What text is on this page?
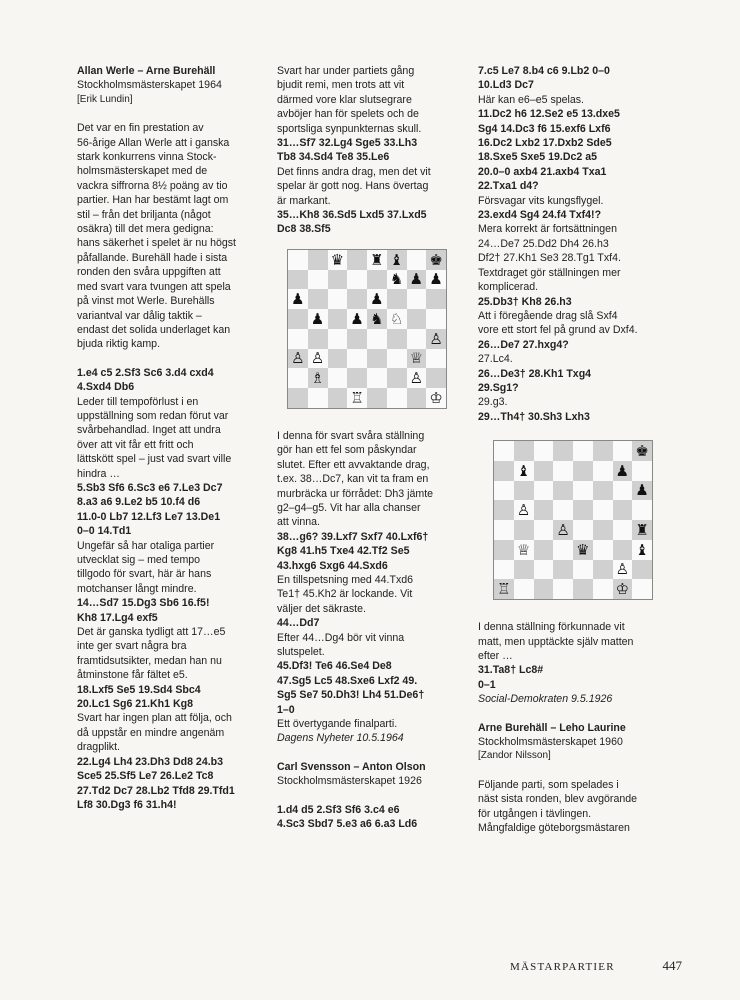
Allan Werle – Arne Burehäll

Stockholmsmästerskapet 1964

[Erik Lundin]

Det var en fin prestation av
56-årige Allan Werle att i ganska
stark konkurrens vinna Stock-
holmsmästerskapet med de
vackra siffrorna 8½ poäng av tio
partier. Han har bestämt lagt om
stil – från det briljanta (något
osäkra) till det mera gedigna:
hans säkerhet i spelet är nu högst
påfallande. Burehäll hade i sista
ronden den svåra uppgiften att
med svart vara tvungen att spela
på vinst mot Werle. Burehälls
variantval var dålig taktik –
endast det solida underlaget kan
bjuda riktig kamp.

1.e4 c5 2.Sf3 Sc6 3.d4 cxd4
4.Sxd4 Db6

Leder till tempoförlust i en
uppställning som redan förut var
svårbehandlad. Inget att undra
över att vit får ett fritt och
lättskött spel – just vad svart ville
hindra …

5.Sb3 Sf6 6.Sc3 e6 7.Le3 Dc7
8.a3 a6 9.Le2 b5 10.f4 d6
11.0-0 Lb7 12.Lf3 Le7 13.De1
0–0 14.Td1

Ungefär så har otaliga partier
utvecklat sig – med tempo
tillgodo för svart, här är hans
motchanser långt mindre.

14…Sd7 15.Dg3 Sb6 16.f5!
Kh8 17.Lg4 exf5

Det är ganska tydligt att 17…e5
inte ger svart några bra
framtidsutsikter, medan han nu
åtminstone får fältet e5.

18.Lxf5 Se5 19.Sd4 Sbc4
20.Lc1 Sg6 21.Kh1 Kg8

Svart har ingen plan att följa, och
då uppstår en mindre angenäm
dragplikt.

22.Lg4 Lh4 23.Dh3 Dd8 24.b3
Sce5 25.Sf5 Le7 26.Le2 Tc8
27.Td2 Dc7 28.Lb2 Tfd8 29.Tfd1
Lf8 30.Dg3 f6 31.h4!

Svart har under partiets gång
bjudit remi, men trots att vit
därmed vore klar slutsegrare
avböjer han för spelets och de
sportsliga synpunkternas skull.

31…Sf7 32.Lg4 Sge5 33.Lh3
Tb8 34.Sd4 Te8 35.Le6

Det finns andra drag, men det vit
spelar är gott nog. Hans övertag
är markant.

35…Kh8 36.Sd5 Lxd5 37.Lxd5
Dc8 38.Sf5

♛ ♜ ♝ ♚
♞ ♟ ♟
♟	♟
♟ ♟ ♞ ♘
♙
♙ ♙	♕
♗	♙
♖	♔

I denna för svart svåra ställning
gör han ett fel som påskyndar
slutet. Efter ett avvaktande drag,
t.ex. 38…Dc7, kan vit ta fram en
murbräcka ur förrådet: Dh3 jämte
g2–g4–g5. Vit har alla chanser
att vinna.

38…g6? 39.Lxf7 Sxf7 40.Lxf6†
Kg8 41.h5 Txe4 42.Tf2 Se5
43.hxg6 Sxg6 44.Sxd6

En tillspetsning med 44.Txd6
Te1† 45.Kh2 är lockande. Vit
väljer det säkraste.

44…Dd7

Efter 44…Dg4 bör vit vinna
slutspelet.

45.Df3! Te6 46.Se4 De8
47.Sg5 Lc5 48.Sxe6 Lxf2 49.
Sg5 Se7 50.Dh3! Lh4 51.De6†
1–0

Ett övertygande finalparti.

Dagens Nyheter 10.5.1964

Carl Svensson – Anton Olson

Stockholmsmästerskapet 1926

1.d4 d5 2.Sf3 Sf6 3.c4 e6
4.Sc3 Sbd7 5.e3 a6 6.a3 Ld6

7.c5 Le7 8.b4 c6 9.Lb2 0–0
10.Ld3 Dc7

Här kan e6–e5 spelas.

11.Dc2 h6 12.Se2 e5 13.dxe5
Sg4 14.Dc3 f6 15.exf6 Lxf6
16.Dc2 Lxb2 17.Dxb2 Sde5
18.Sxe5 Sxe5 19.Dc2 a5
20.0–0 axb4 21.axb4 Txa1
22.Txa1 d4?

Försvagar vits kungsflygel.

23.exd4 Sg4 24.f4 Txf4!?

Mera korrekt är fortsättningen
24…De7 25.Dd2 Dh4 26.h3
Df2† 27.Kh1 Se3 28.Tg1 Txf4.
Textdraget gör ställningen mer
komplicerad.

25.Db3† Kh8 26.h3

Att i föregående drag slå Sxf4
vore ett stort fel på grund av Dxf4.

26…De7 27.hxg4?

27.Lc4.

26…De3† 28.Kh1 Txg4

29.Sg1?

29.g3.

29…Th4† 30.Sh3 Lxh3

♚
♝	♟
♟
♙
♙	♜
♕	♛	♝
♙
♖	♔

I denna ställning förkunnade vit
matt, men upptäckte själv matten
efter …

31.Ta8† Lc8#
0–1

Social-Demokraten 9.5.1926

Arne Burehäll – Leho Laurine

Stockholmsmästerskapet 1960

[Zandor Nilsson]

Följande parti, som spelades i
näst sista ronden, blev avgörande
för utgången i tävlingen.
Mångfaldige göteborgsmästaren

MÄSTARPARTIER	447
